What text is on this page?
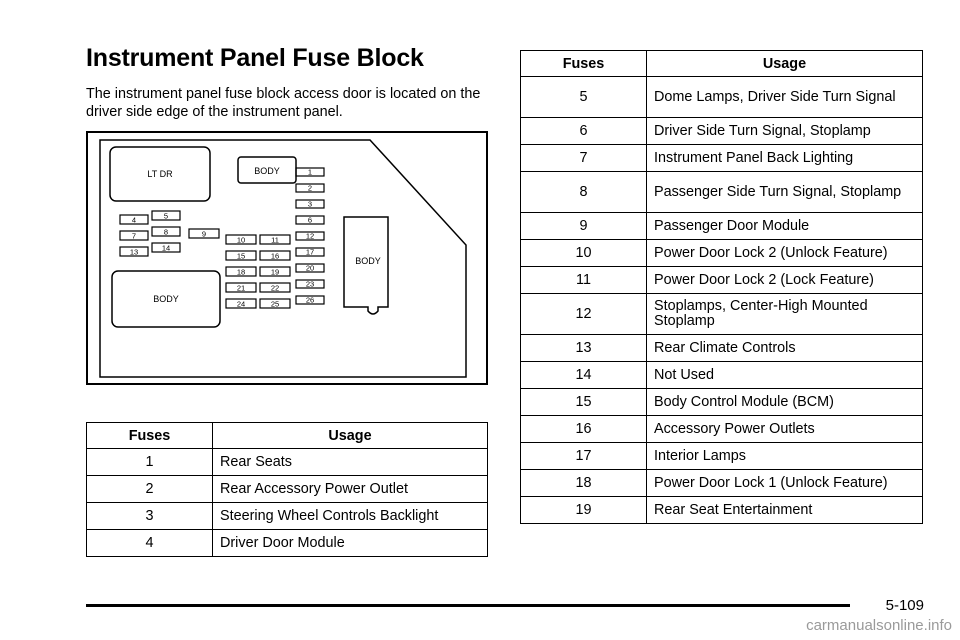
Instrument Panel Fuse Block
The instrument panel fuse block access door is located on the driver side edge of the instrument panel.
LT DR	BODY
BODY
BODY
1
2
3
4	5	6
7	8	9
10	11	12
13	14
15	16	17
18	19	20
21	22	23
24	25	26
Fuses	Usage
1	Rear Seats
2	Rear Accessory Power Outlet
3	Steering Wheel Controls Backlight
4	Driver Door Module
Fuses	Usage
5	Dome Lamps, Driver Side Turn Signal
6	Driver Side Turn Signal, Stoplamp
7	Instrument Panel Back Lighting
8	Passenger Side Turn Signal, Stoplamp
9	Passenger Door Module
10	Power Door Lock 2 (Unlock Feature)
11	Power Door Lock 2 (Lock Feature)
12	Stoplamps, Center-High Mounted Stoplamp
13	Rear Climate Controls
14	Not Used
15	Body Control Module (BCM)
16	Accessory Power Outlets
17	Interior Lamps
18	Power Door Lock 1 (Unlock Feature)
19	Rear Seat Entertainment
5-109
carmanualsonline.info
